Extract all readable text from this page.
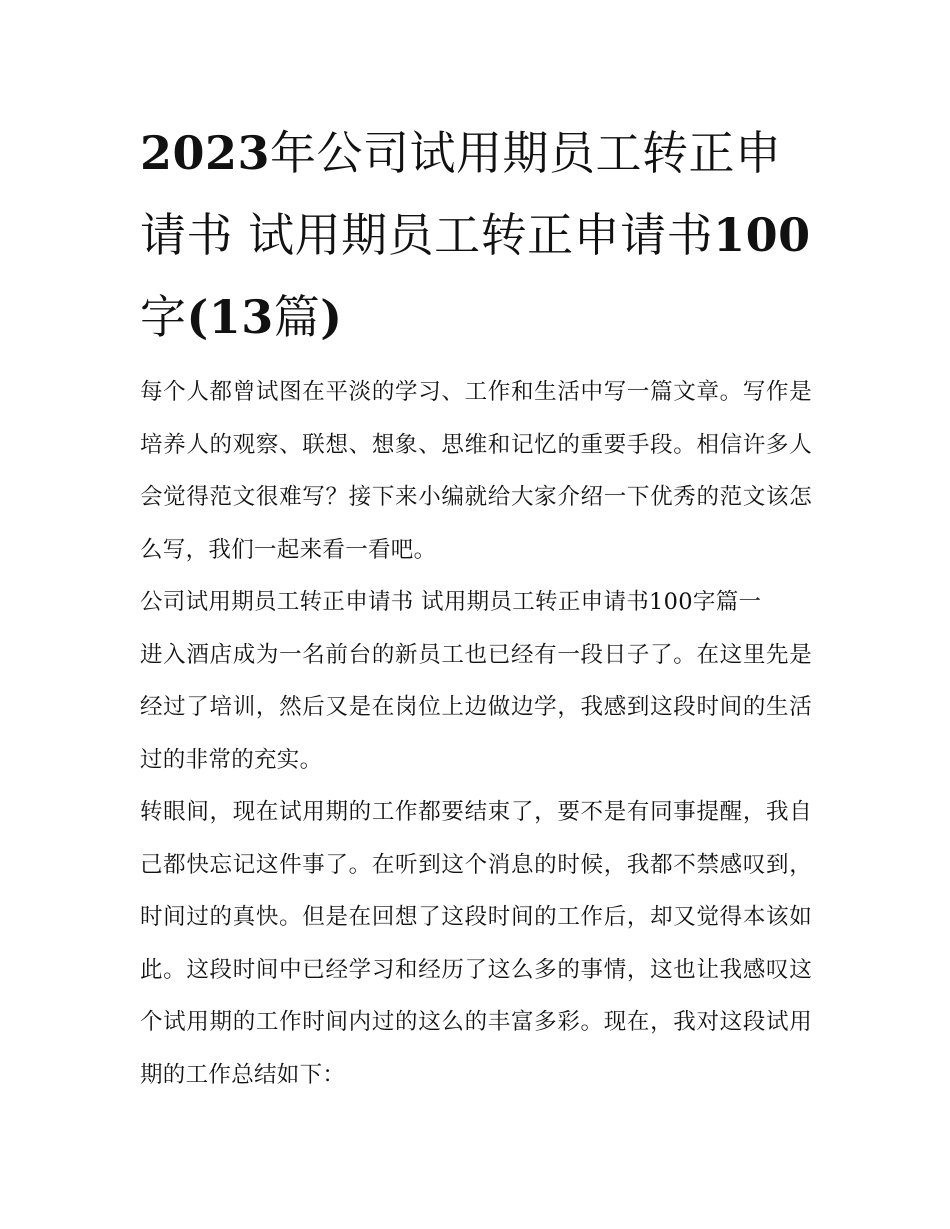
2023年公司试用期员工转正申请书 试用期员工转正申请书100字(13篇)

每个人都曾试图在平淡的学习、工作和生活中写一篇文章。写作是培养人的观察、联想、想象、思维和记忆的重要手段。相信许多人会觉得范文很难写？接下来小编就给大家介绍一下优秀的范文该怎么写，我们一起来看一看吧。

公司试用期员工转正申请书 试用期员工转正申请书100字篇一

进入酒店成为一名前台的新员工也已经有一段日子了。在这里先是经过了培训，然后又是在岗位上边做边学，我感到这段时间的生活过的非常的充实。

转眼间，现在试用期的工作都要结束了，要不是有同事提醒，我自己都快忘记这件事了。在听到这个消息的时候，我都不禁感叹到，时间过的真快。但是在回想了这段时间的工作后，却又觉得本该如此。这段时间中已经学习和经历了这么多的事情，这也让我感叹这个试用期的工作时间内过的这么的丰富多彩。现在，我对这段试用期的工作总结如下：
